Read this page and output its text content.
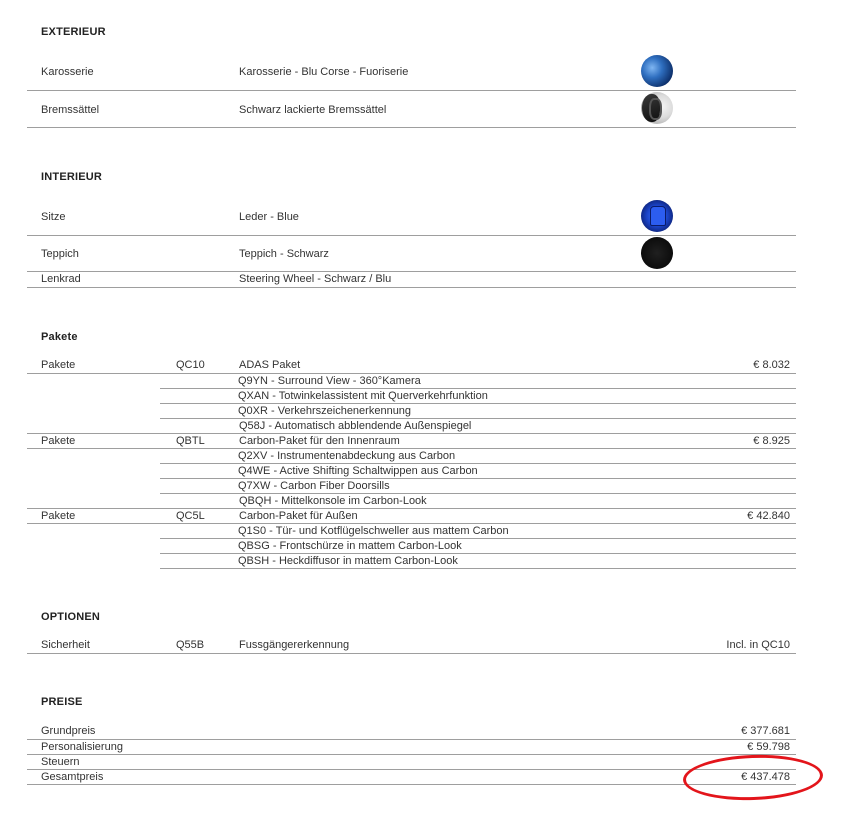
EXTERIEUR
Karosserie	Karosserie - Blu Corse - Fuoriserie
Bremssättel	Schwarz lackierte Bremssättel
INTERIEUR
Sitze	Leder - Blue
Teppich	Teppich - Schwarz
Lenkrad	Steering Wheel - Schwarz / Blu
Pakete
Pakete	QC10	ADAS Paket	€ 8.032
Q9YN - Surround View - 360°Kamera
QXAN - Totwinkelassistent mit Querverkehrfunktion
Q0XR - Verkehrszeichenerkennung
Q58J - Automatisch abblendende Außenspiegel
Pakete	QBTL	Carbon-Paket für den Innenraum	€ 8.925
Q2XV - Instrumentenabdeckung aus Carbon
Q4WE - Active Shifting Schaltwippen aus Carbon
Q7XW - Carbon Fiber Doorsills
QBQH - Mittelkonsole im Carbon-Look
Pakete	QC5L	Carbon-Paket für Außen	€ 42.840
Q1S0 - Tür- und Kotflügelschweller aus mattem Carbon
QBSG - Frontschürze in mattem Carbon-Look
QBSH - Heckdiffusor in mattem Carbon-Look
OPTIONEN
Sicherheit	Q55B	Fussgängererkennung	Incl. in QC10
PREISE
Grundpreis	€ 377.681
Personalisierung	€ 59.798
Steuern
Gesamtpreis	€ 437.478
